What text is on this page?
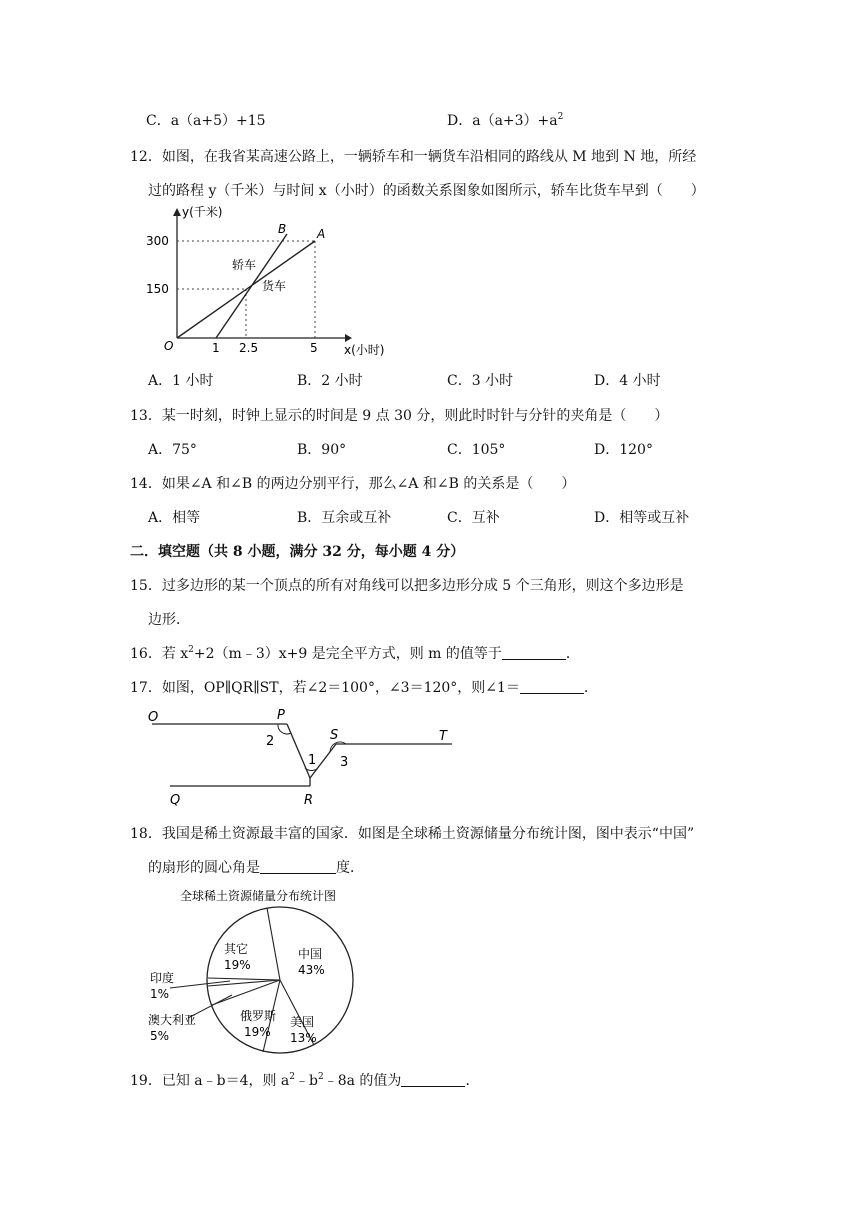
C．a（a+5）+15	D．$a(a+3)+a^2$
12．如图，在我省某高速公路上，一辆轿车和一辆货车沿相同的路线从 M 地到 N 地，所经
过的路程 y（千米）与时间 x（小时）的函数关系图象如图所示，轿车比货车早到（　　）
y(千米)
x(小时)
O
300
150
1 2.5	5
B	A
轿车
货车
A．1 小时	B．2 小时	C．3 小时	D．4 小时
13．某一时刻，时钟上显示的时间是 9 点 30 分，则此时时针与分针的夹角是（　　）
A．75°	B．90°	C．105°	D．120°
14．如果∠A 和∠B 的两边分别平行，那么∠A 和∠B 的关系是（　　）
A．相等	B．互余或互补	C．互补	D．相等或互补
二．填空题（共 8 小题，满分 32 分，每小题 4 分）
15．过多边形的某一个顶点的所有对角线可以把多边形分成 5 个三角形，则这个多边形是
边形．
16．若 $x^2+2(m﹣3)x+9$ 是完全平方式，则 m 的值等于	．
17．如图，OP∥QR∥ST，若∠2＝100°，∠3＝120°，则∠1＝	．
O	P
S	T
Q	R
2
1 3
18．我国是稀土资源最丰富的国家．如图是全球稀土资源储量分布统计图，图中表示“中国”
的扇形的圆心角是	度．
全球稀土资源储量分布统计图
中国
43%
美国
13%
俄罗斯
19%
澳大利亚
5%
印度
1%
其它
19%
19．已知 a﹣b＝4，则 $a^2﹣b^2﹣8a$ 的值为	．
